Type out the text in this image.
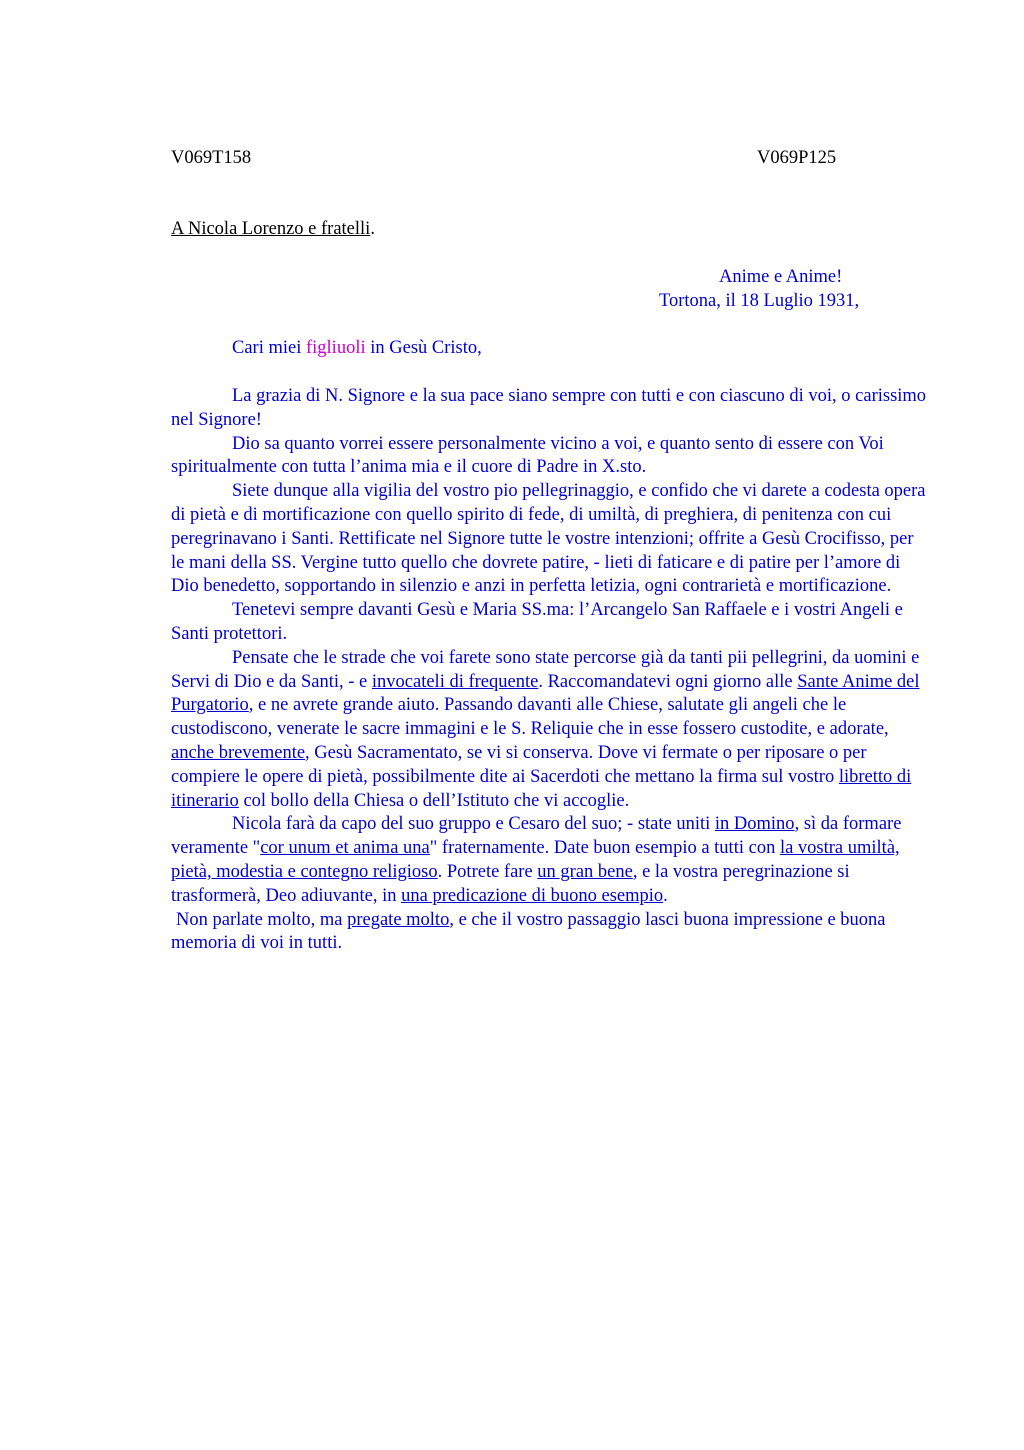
V069T158	V069P125
A Nicola Lorenzo e fratelli.
Anime e Anime!
Tortona, il 18 Luglio 1931,
Cari miei figliuoli in Gesù Cristo,

La grazia di N. Signore e la sua pace siano sempre con tutti e con ciascuno di voi, o carissimo nel Signore!

Dio sa quanto vorrei essere personalmente vicino a voi, e quanto sento di essere con Voi spiritualmente con tutta l’anima mia e il cuore di Padre in X.sto.

Siete dunque alla vigilia del vostro pio pellegrinaggio, e confido che vi darete a codesta opera di pietà e di mortificazione con quello spirito di fede, di umiltà, di preghiera, di penitenza con cui peregrinavano i Santi. Rettificate nel Signore tutte le vostre intenzioni; offrite a Gesù Crocifisso, per le mani della SS. Vergine tutto quello che dovrete patire, - lieti di faticare e di patire per l’amore di Dio benedetto, sopportando in silenzio e anzi in perfetta letizia, ogni contrarietà e mortificazione.

Tenetevi sempre davanti Gesù e Maria SS.ma: l’Arcangelo San Raffaele e i vostri Angeli e Santi protettori.

Pensate che le strade che voi farete sono state percorse già da tanti pii pellegrini, da uomini e Servi di Dio e da Santi, - e invocateli di frequente. Raccomandatevi ogni giorno alle Sante Anime del Purgatorio, e ne avrete grande aiuto. Passando davanti alle Chiese, salutate gli angeli che le custodiscono, venerate le sacre immagini e le S. Reliquie che in esse fossero custodite, e adorate, anche brevemente, Gesù Sacramentato, se vi si conserva. Dove vi fermate o per riposare o per compiere le opere di pietà, possibilmente dite ai Sacerdoti che mettano la firma sul vostro libretto di itinerario col bollo della Chiesa o dell’Istituto che vi accoglie.

Nicola farà da capo del suo gruppo e Cesaro del suo; - state uniti in Domino, sì da formare veramente "cor unum et anima una" fraternamente. Date buon esempio a tutti con la vostra umiltà, pietà, modestia e contegno religioso. Potrete fare un gran bene, e la vostra peregrinazione si trasformerà, Deo adiuvante, in una predicazione di buono esempio.

Non parlate molto, ma pregate molto, e che il vostro passaggio lasci buona impressione e buona memoria di voi in tutti.
